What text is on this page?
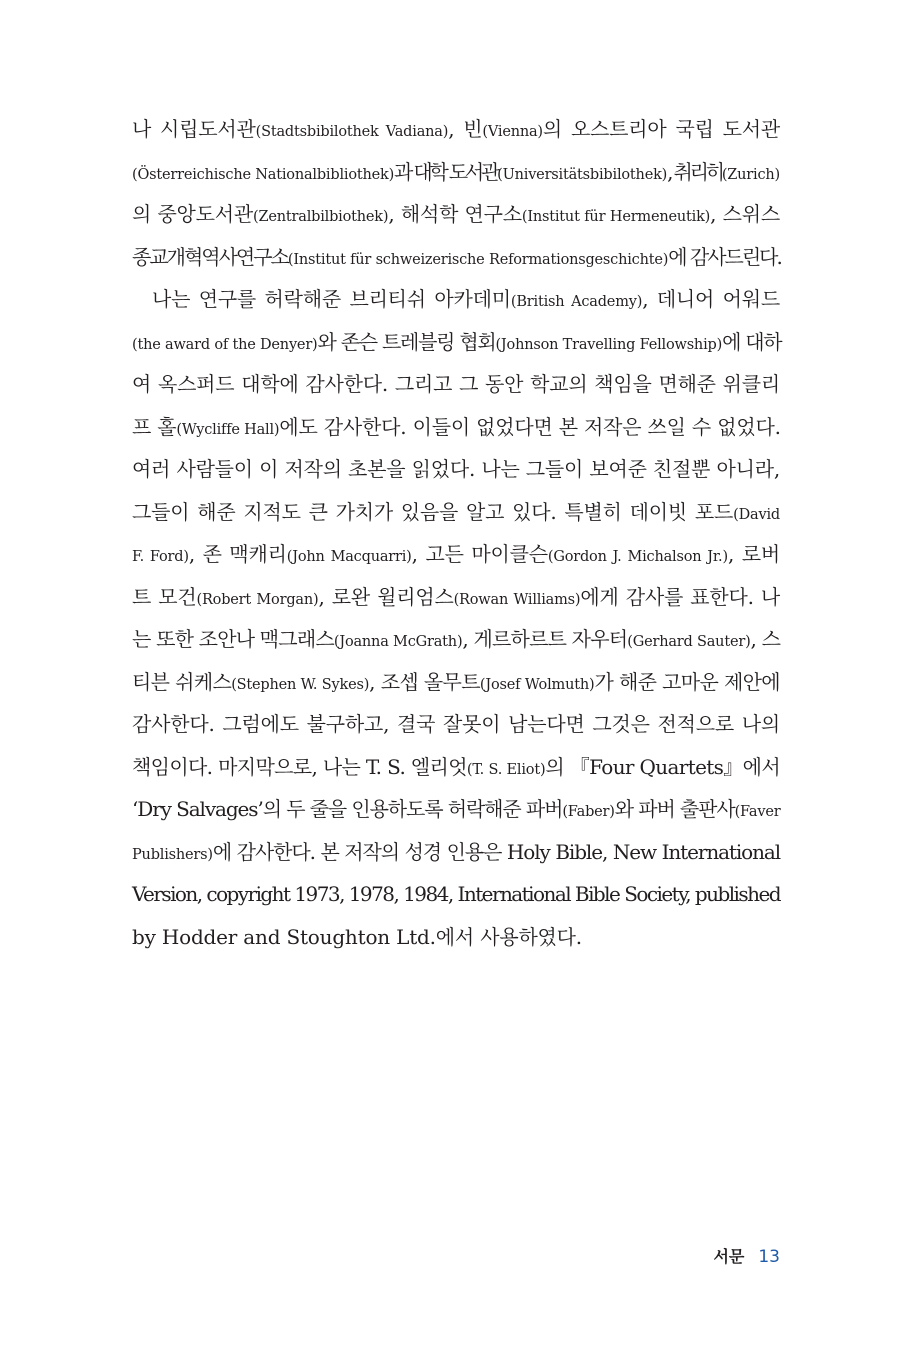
나 시립도서관(Stadtsbibilothek Vadiana), 빈(Vienna)의 오스트리아 국립 도서관
(Österreichische Nationalbibliothek)과 대학 도서관(Universitätsbibilothek), 취리히(Zurich)
의 중앙도서관(Zentralbilbiothek), 해석학 연구소(Institut für Hermeneutik), 스위스
종교개혁역사연구소(Institut für schweizerische Reformationsgeschichte)에 감사드린다.
나는 연구를 허락해준 브리티쉬 아카데미(British Academy), 데니어 어워드
(the award of the Denyer)와 존슨 트레블링 협회(Johnson Travelling Fellowship)에 대하
여 옥스퍼드 대학에 감사한다. 그리고 그 동안 학교의 책임을 면해준 위클리
프 홀(Wycliffe Hall)에도 감사한다. 이들이 없었다면 본 저작은 쓰일 수 없었다.
여러 사람들이 이 저작의 초본을 읽었다. 나는 그들이 보여준 친절뿐 아니라,
그들이 해준 지적도 큰 가치가 있음을 알고 있다. 특별히 데이빗 포드(David
F. Ford), 존 맥캐리(John Macquarri), 고든 마이클슨(Gordon J. Michalson Jr.), 로버
트 모건(Robert Morgan), 로완 윌리엄스(Rowan Williams)에게 감사를 표한다. 나
는 또한 조안나 맥그래스(Joanna McGrath), 게르하르트 자우터(Gerhard Sauter), 스
티븐 쉬케스(Stephen W. Sykes), 조셉 올무트(Josef Wolmuth)가 해준 고마운 제안에
감사한다. 그럼에도 불구하고, 결국 잘못이 남는다면 그것은 전적으로 나의
책임이다. 마지막으로, 나는 T. S. 엘리엇(T. S. Eliot)의 『Four Quartets』에서
‘Dry Salvages’의 두 줄을 인용하도록 허락해준 파버(Faber)와 파버 출판사(Faver
Publishers)에 감사한다. 본 저작의 성경 인용은 Holy Bible, New International
Version, copyright 1973, 1978, 1984, International Bible Society, published
by Hodder and Stoughton Ltd.에서 사용하였다.
서문 13
